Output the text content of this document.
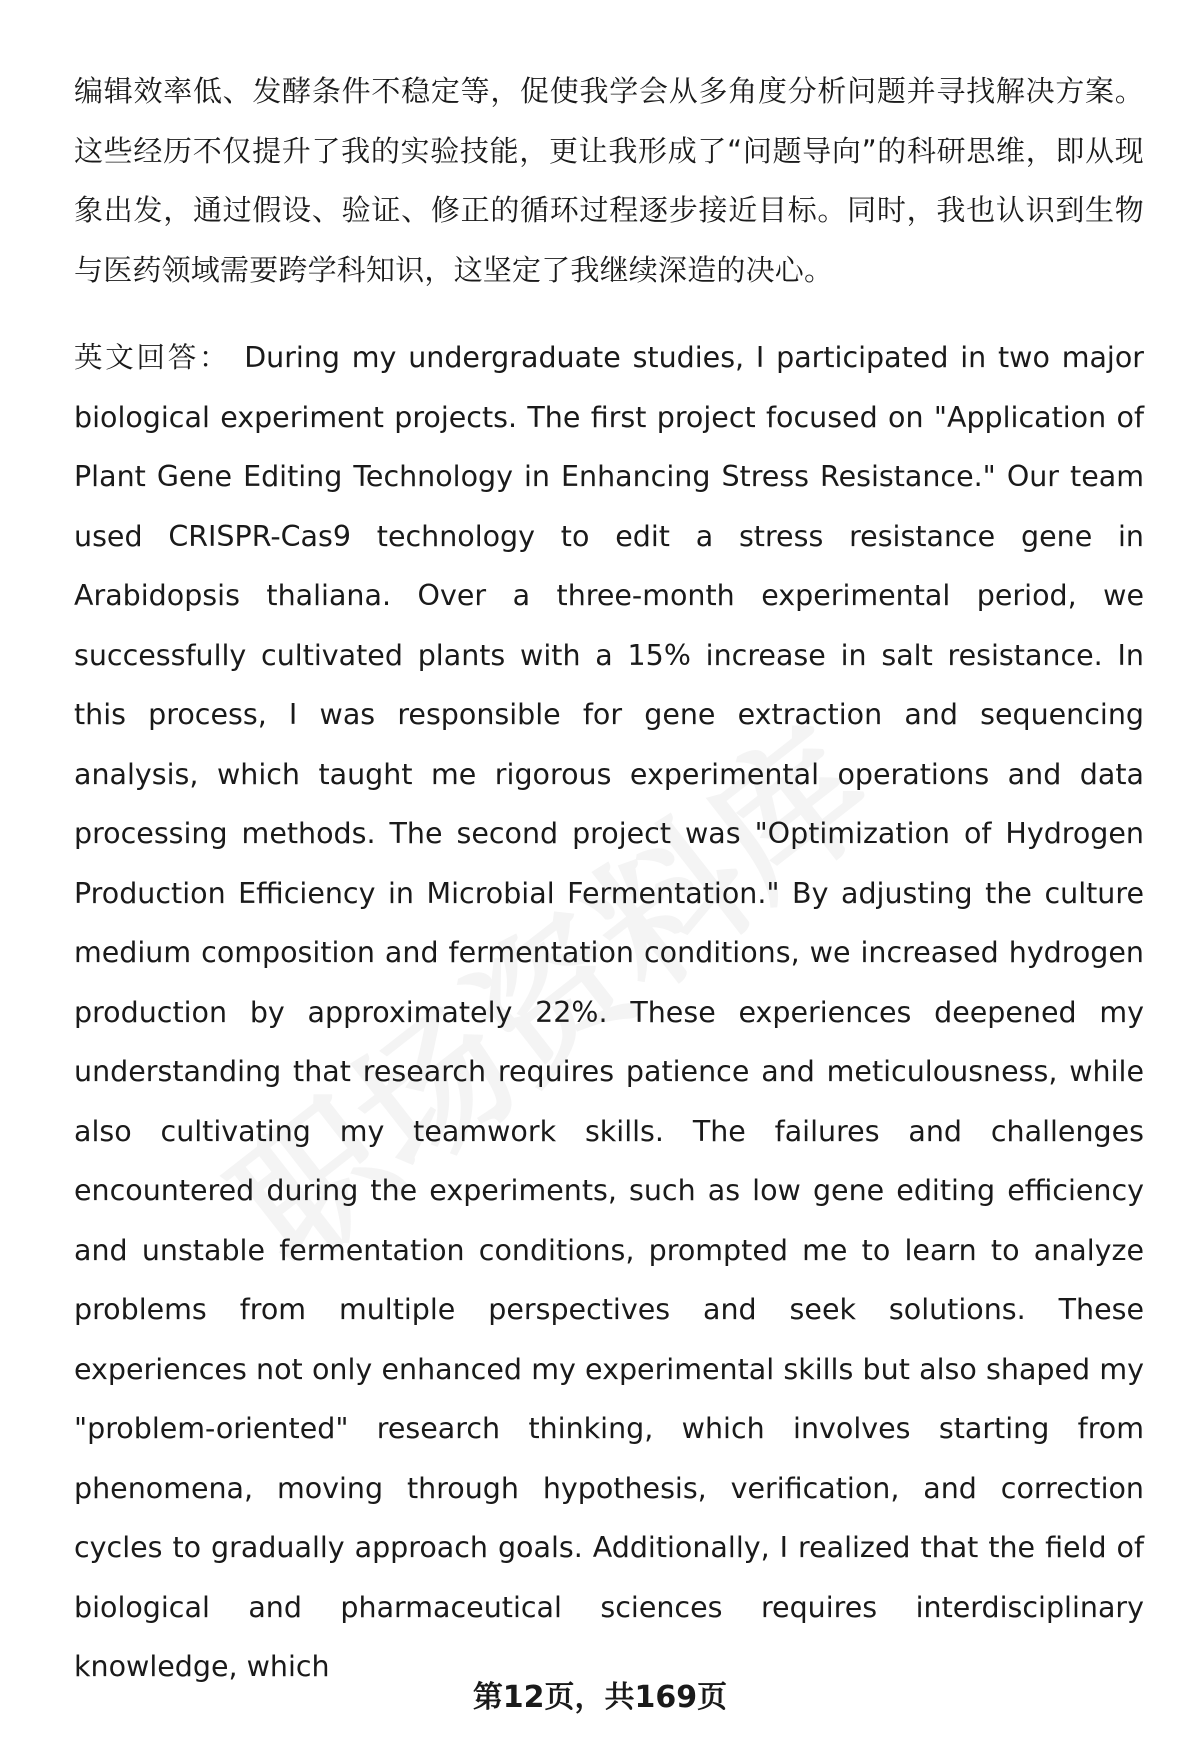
编辑效率低、发酵条件不稳定等，促使我学会从多角度分析问题并寻找解决方案。这些经历不仅提升了我的实验技能，更让我形成了“问题导向”的科研思维，即从现象出发，通过假设、验证、修正的循环过程逐步接近目标。同时，我也认识到生物与医药领域需要跨学科知识，这坚定了我继续深造的决心。

英文回答： During my undergraduate studies, I participated in two major biological experiment projects. The first project focused on "Application of Plant Gene Editing Technology in Enhancing Stress Resistance." Our team used CRISPR-Cas9 technology to edit a stress resistance gene in Arabidopsis thaliana. Over a three-month experimental period, we successfully cultivated plants with a 15% increase in salt resistance. In this process, I was responsible for gene extraction and sequencing analysis, which taught me rigorous experimental operations and data processing methods. The second project was "Optimization of Hydrogen Production Efficiency in Microbial Fermentation." By adjusting the culture medium composition and fermentation conditions, we increased hydrogen production by approximately 22%. These experiences deepened my understanding that research requires patience and meticulousness, while also cultivating my teamwork skills. The failures and challenges encountered during the experiments, such as low gene editing efficiency and unstable fermentation conditions, prompted me to learn to analyze problems from multiple perspectives and seek solutions. These experiences not only enhanced my experimental skills but also shaped my "problem-oriented" research thinking, which involves starting from phenomena, moving through hypothesis, verification, and correction cycles to gradually approach goals. Additionally, I realized that the field of biological and pharmaceutical sciences requires interdisciplinary knowledge, which

第12页，共169页
